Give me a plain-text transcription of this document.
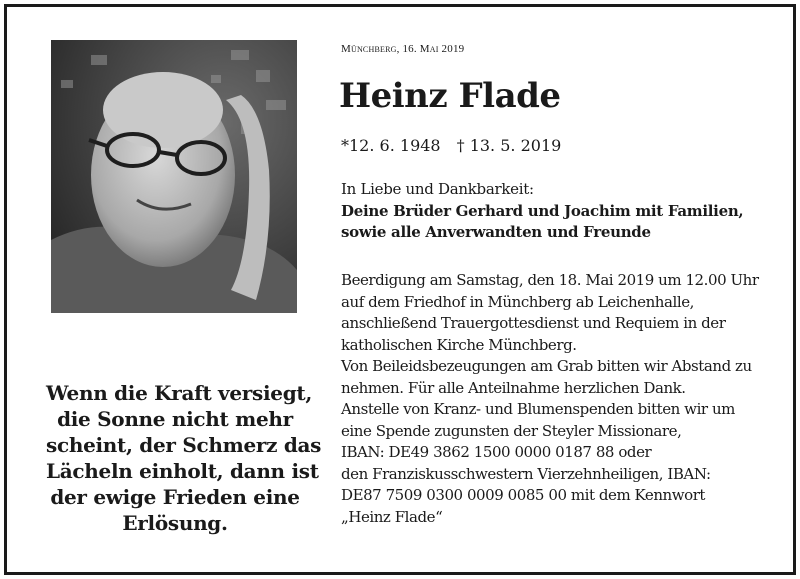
Wenn die Kraft versiegt,
die Sonne nicht mehr
scheint, der Schmerz das
Lächeln einholt, dann ist
der ewige Frieden eine
Erlösung.
Münchberg, 16. Mai 2019
Heinz Flade
*12. 6. 1948 † 13. 5. 2019
In Liebe und Dankbarkeit:
Deine Brüder Gerhard und Joachim mit Familien,
sowie alle Anverwandten und Freunde
Beerdigung am Samstag, den 18. Mai 2019 um 12.00 Uhr
auf dem Friedhof in Münchberg ab Leichenhalle,
anschließend Trauergottesdienst und Requiem in der
katholischen Kirche Münchberg.
Von Beileidsbezeugungen am Grab bitten wir Abstand zu
nehmen. Für alle Anteilnahme herzlichen Dank.
Anstelle von Kranz- und Blumenspenden bitten wir um
eine Spende zugunsten der Steyler Missionare,
IBAN: DE49 3862 1500 0000 0187 88 oder
den Franziskusschwestern Vierzehnheiligen, IBAN:
DE87 7509 0300 0009 0085 00 mit dem Kennwort
„Heinz Flade“
